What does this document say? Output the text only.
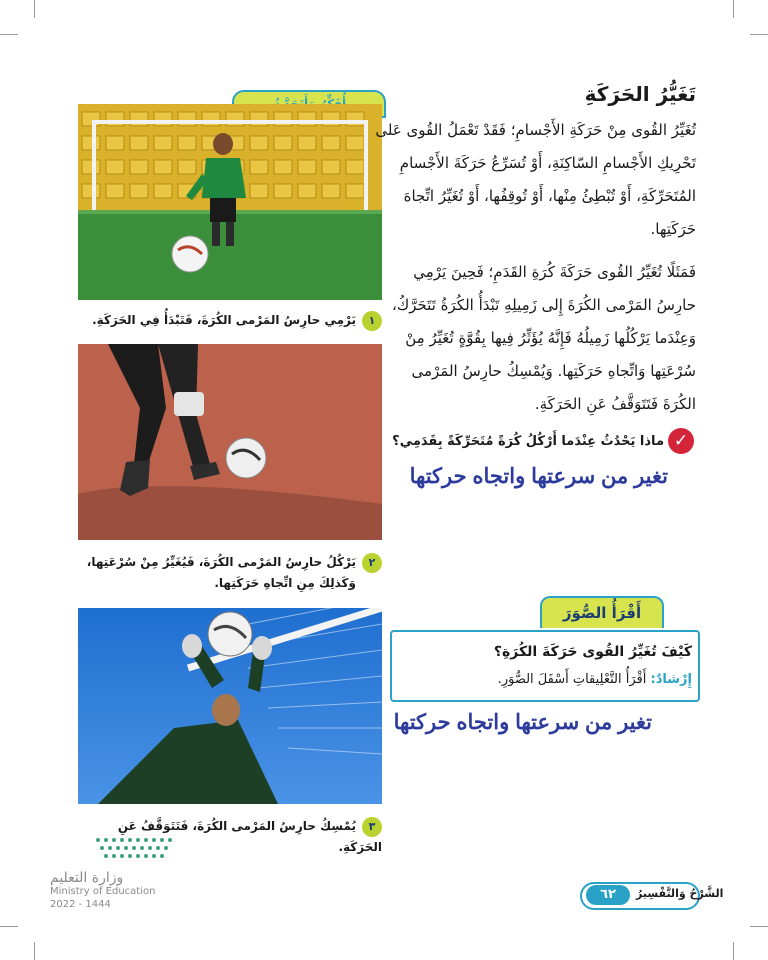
١يَرْمِي حارِسُ المَرْمى الكُرَةَ، فَتَبْدَأُ فِي الحَرَكَةِ.
٢يَرْكُلُ حارِسُ المَرْمى الكُرَةَ، فَيُغَيِّرُ مِنْ سُرْعَتِها،
وَكَذلِكَ مِنِ اتِّجاهِ حَرَكَتِها.
٣يُمْسِكُ حارِسُ المَرْمى الكُرَةَ، فَتَتَوَقَّفُ عَنِ الحَرَكَةِ.
تَغَيُّرُ الحَرَكَةِ
تُغَيِّرُ القُوى مِنْ حَرَكَةِ الأَجْسامِ؛ فَقَدْ تَعْمَلُ القُوى عَلى تَحْرِيكِ الأَجْسامِ السّاكِنَةِ، أَوْ تُسَرِّعُ حَرَكَةَ الأَجْسامِ المُتَحَرِّكَةِ، أَوْ تُبْطِئُ مِنْها، أَوْ تُوقِفُها، أَوْ تُغَيِّرُ اتِّجاهَ حَرَكَتِها.
فَمَثَلًا تُغَيِّرُ القُوى حَرَكَةَ كُرَةِ القَدَمِ؛ فَحِينَ يَرْمِي حارِسُ المَرْمى الكُرَةَ إِلى زَمِيلِهِ تَبْدَأُ الكُرَةُ تَتَحَرَّكُ، وَعِنْدَما يَرْكُلُها زَمِيلُهُ فَإِنَّهُ يُؤَثِّرُ فِيها بِقُوَّةٍ تُغَيِّرُ مِنْ سُرْعَتِها وَاتِّجاهِ حَرَكَتِها. وَيُمْسِكُ حارِسُ المَرْمى الكُرَةَ فَتَتَوَقَّفُ عَنِ الحَرَكَةِ.
✓
ماذا يَحْدُثُ عِنْدَما أَرْكُلُ كُرَةً مُتَحَرِّكَةً بِقَدَمِي؟
تغير من سرعتها واتجاه حركتها
أَقْرَأُ الصُّوَرَ
كَيْفَ تُغَيِّرُ القُوى حَرَكَةَ الكُرَةِ؟
إِرْشادٌ: أَقْرَأُ التَّعْلِيقاتِ أَسْفَلَ الصُّوَرِ.
تغير من سرعتها واتجاه حركتها
وزارة التعليم
Ministry of Education
2022 - 1444
٦٢	الشَّرْحُ وَالتَّفْسِيرُ
